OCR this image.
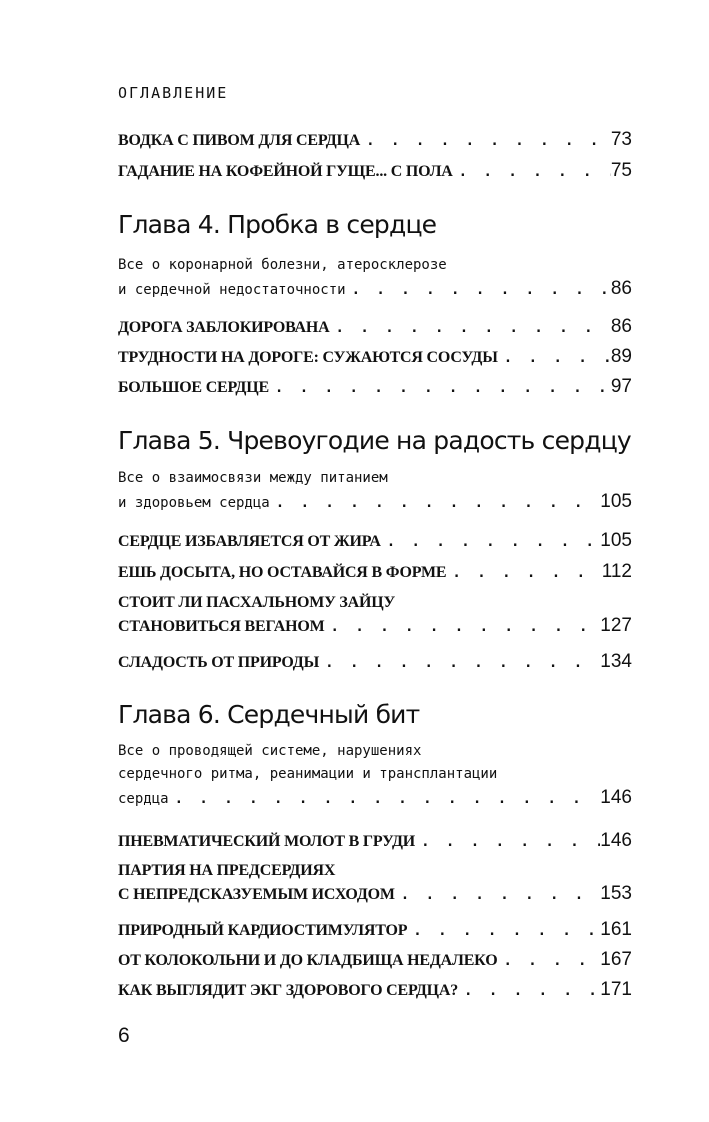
ОГЛАВЛЕНИЕ
ВОДКА С ПИВОМ ДЛЯ СЕРДЦА . . .	73
ГАДАНИЕ НА КОФЕЙНОЙ ГУЩЕ... С ПОЛА . . .	75
Глава 4. Пробка в сердце
Все о коронарной болезни, атеросклерозе
и сердечной недостаточности . . .	86
ДОРОГА ЗАБЛОКИРОВАНА . . .	86
ТРУДНОСТИ НА ДОРОГЕ: СУЖАЮТСЯ СОСУДЫ . . .	89
БОЛЬШОЕ СЕРДЦЕ . . .	97
Глава 5. Чревоугодие на радость сердцу
Все о взаимосвязи между питанием
и здоровьем сердца . . .	105
СЕРДЦЕ ИЗБАВЛЯЕТСЯ ОТ ЖИРА . . .	105
ЕШЬ ДОСЫТА, НО ОСТАВАЙСЯ В ФОРМЕ . . .	112
СТОИТ ЛИ ПАСХАЛЬНОМУ ЗАЙЦУ
СТАНОВИТЬСЯ ВЕГАНОМ . . .	127
СЛАДОСТЬ ОТ ПРИРОДЫ . . .	134
Глава 6. Сердечный бит
Все о проводящей системе, нарушениях
сердечного ритма, реанимации и трансплантации
сердца . . .	146
ПНЕВМАТИЧЕСКИЙ МОЛОТ В ГРУДИ . . .	146
ПАРТИЯ НА ПРЕДСЕРДИЯХ
С НЕПРЕДСКАЗУЕМЫМ ИСХОДОМ . . .	153
ПРИРОДНЫЙ КАРДИОСТИМУЛЯТОР . . .	161
ОТ КОЛОКОЛЬНИ И ДО КЛАДБИЩА НЕДАЛЕКО . . .	167
КАК ВЫГЛЯДИТ ЭКГ ЗДОРОВОГО СЕРДЦА? . . .	171
6
